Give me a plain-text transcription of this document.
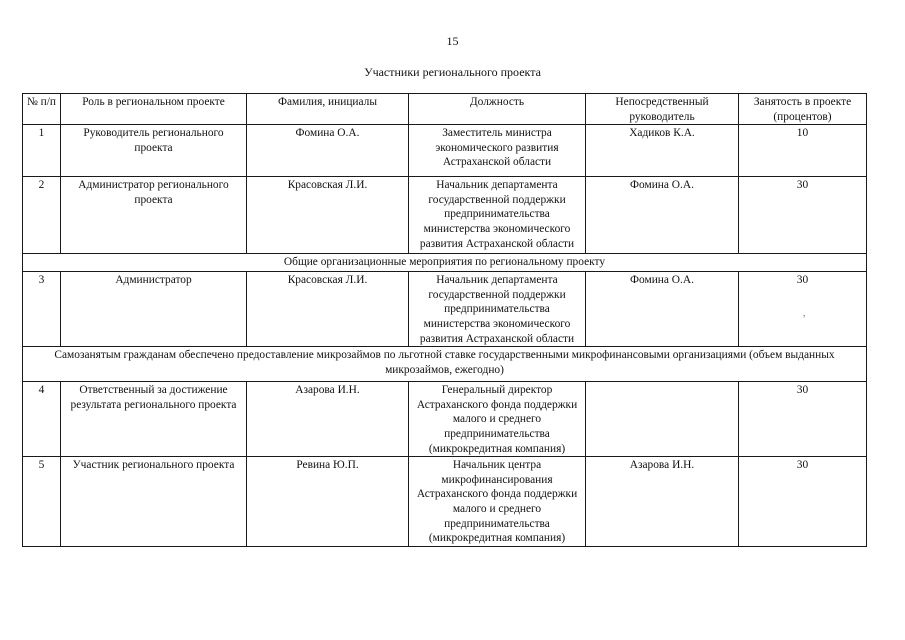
15
Участники регионального проекта
№ п/п	Роль в региональном проекте	Фамилия, инициалы	Должность	Непосредственный руководитель	Занятость в проекте (процентов)
1	Руководитель регионального проекта	Фомина О.А.	Заместитель министра экономического развития Астраханской области	Хадиков К.А.	10
2	Администратор регионального проекта	Красовская Л.И.	Начальник департамента государственной поддержки предпринимательства министерства экономического развития Астраханской области	Фомина О.А.	30
Общие организационные мероприятия по региональному проекту					
3	Администратор	Красовская Л.И.	Начальник департамента государственной поддержки предпринимательства министерства экономического развития Астраханской области	Фомина О.А.	30
Самозанятым гражданам обеспечено предоставление микрозаймов по льготной ставке государственными микрофинансовыми организациями (объем выданных микрозаймов, ежегодно)					
4	Ответственный за достижение результата регионального проекта	Азарова И.Н.	Генеральный директор Астраханского фонда поддержки малого и среднего предпринимательства (микрокредитная компания)		30
5	Участник регионального проекта	Ревина Ю.П.	Начальник центра микрофинансирования Астраханского фонда поддержки малого и среднего предпринимательства (микрокредитная компания)	Азарова И.Н.	30
,
